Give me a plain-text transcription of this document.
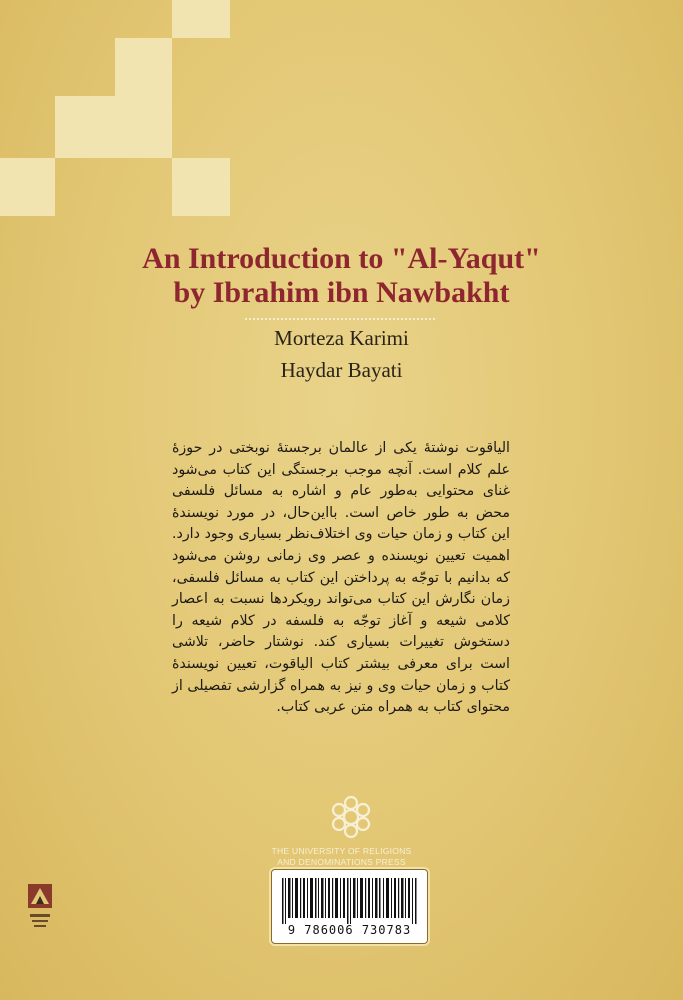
An Introduction to "Al-Yaqut"
by Ibrahim ibn Nawbakht
Morteza Karimi
Haydar Bayati

الیاقوت نوشتهٔ یکی از عالمان برجستهٔ نوبختی در حوزهٔ علم کلام است. آنچه موجب برجستگی این کتاب می‌شود غنای محتوایی به‌طور عام و اشاره به مسائل فلسفی محض به طور خاص است. بااین‌حال، در مورد نویسندهٔ این کتاب و زمان حیات وی اختلاف‌نظر بسیاری وجود دارد. اهمیت تعیین نویسنده و عصر وی زمانی روشن می‌شود که بدانیم با توجّه به پرداختن این کتاب به مسائل فلسفی، زمان نگارش این کتاب می‌تواند رویکردها نسبت به اعصار کلامی شیعه و آغاز توجّه به فلسفه در کلام شیعه را دستخوش تغییرات بسیاری کند. نوشتار حاضر، تلاشی است برای معرفی بیشتر کتاب الیاقوت، تعیین نویسندهٔ کتاب و زمان حیات وی و نیز به همراه گزارشی تفصیلی از محتوای کتاب به همراه متن عربی کتاب.

THE UNIVERSITY OF RELIGIONS
AND DENOMINATIONS PRESS
9 786006 730783
